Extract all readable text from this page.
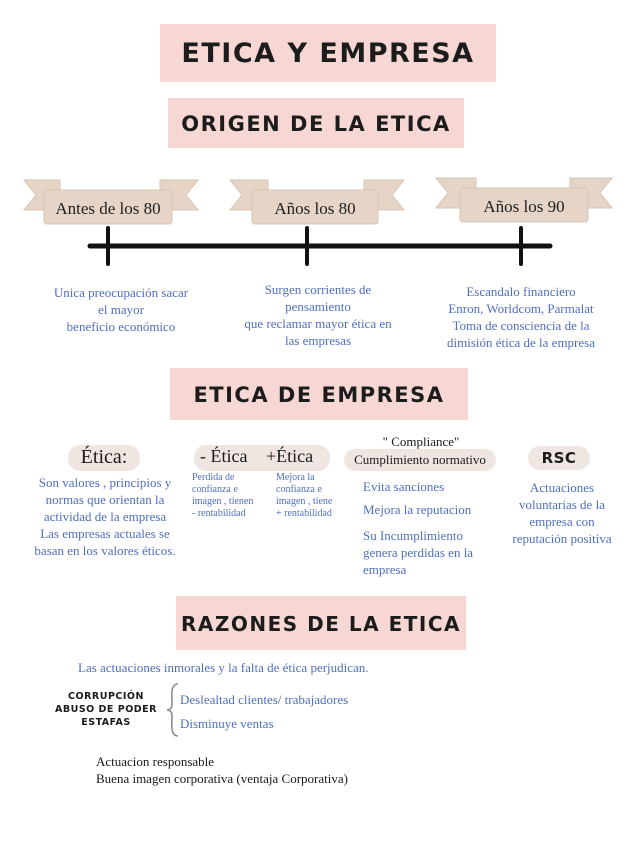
ETICA Y EMPRESA
ORIGEN DE LA ETICA
Antes de los 80	Años los 80	Años los 90
Unica preocupación sacar
el mayor
beneficio económico
Surgen corrientes de
pensamiento
que reclamar mayor ética en
las empresas
Escandalo financiero
Enron, Worldcom, Parmalat
Toma de consciencia de la
dimisión ética de la empresa
ETICA DE EMPRESA
Ética:
Son valores , principios y
normas que orientan la
actividad de la empresa
Las empresas actuales se
basan en los valores éticos.
- Ética +Ética
Perdida de
confianza e
imagen , tienen
- rentabilidad
Mejora la
confianza e
imagen , tiene
+ rentabilidad
" Compliance"
Cumplimiento normativo
Evita sanciones
Mejora la reputacion
Su Incumplimiento
genera perdidas en la
empresa
RSC
Actuaciones
voluntarias de la
empresa con
reputación positiva
RAZONES DE LA ETICA
Las actuaciones inmorales y la falta de ética perjudican.
CORRUPCIÓN
ABUSO DE PODER
ESTAFAS
Deslealtad clientes/ trabajadores
Disminuye ventas
Actuacion responsable
Buena imagen corporativa (ventaja Corporativa)
